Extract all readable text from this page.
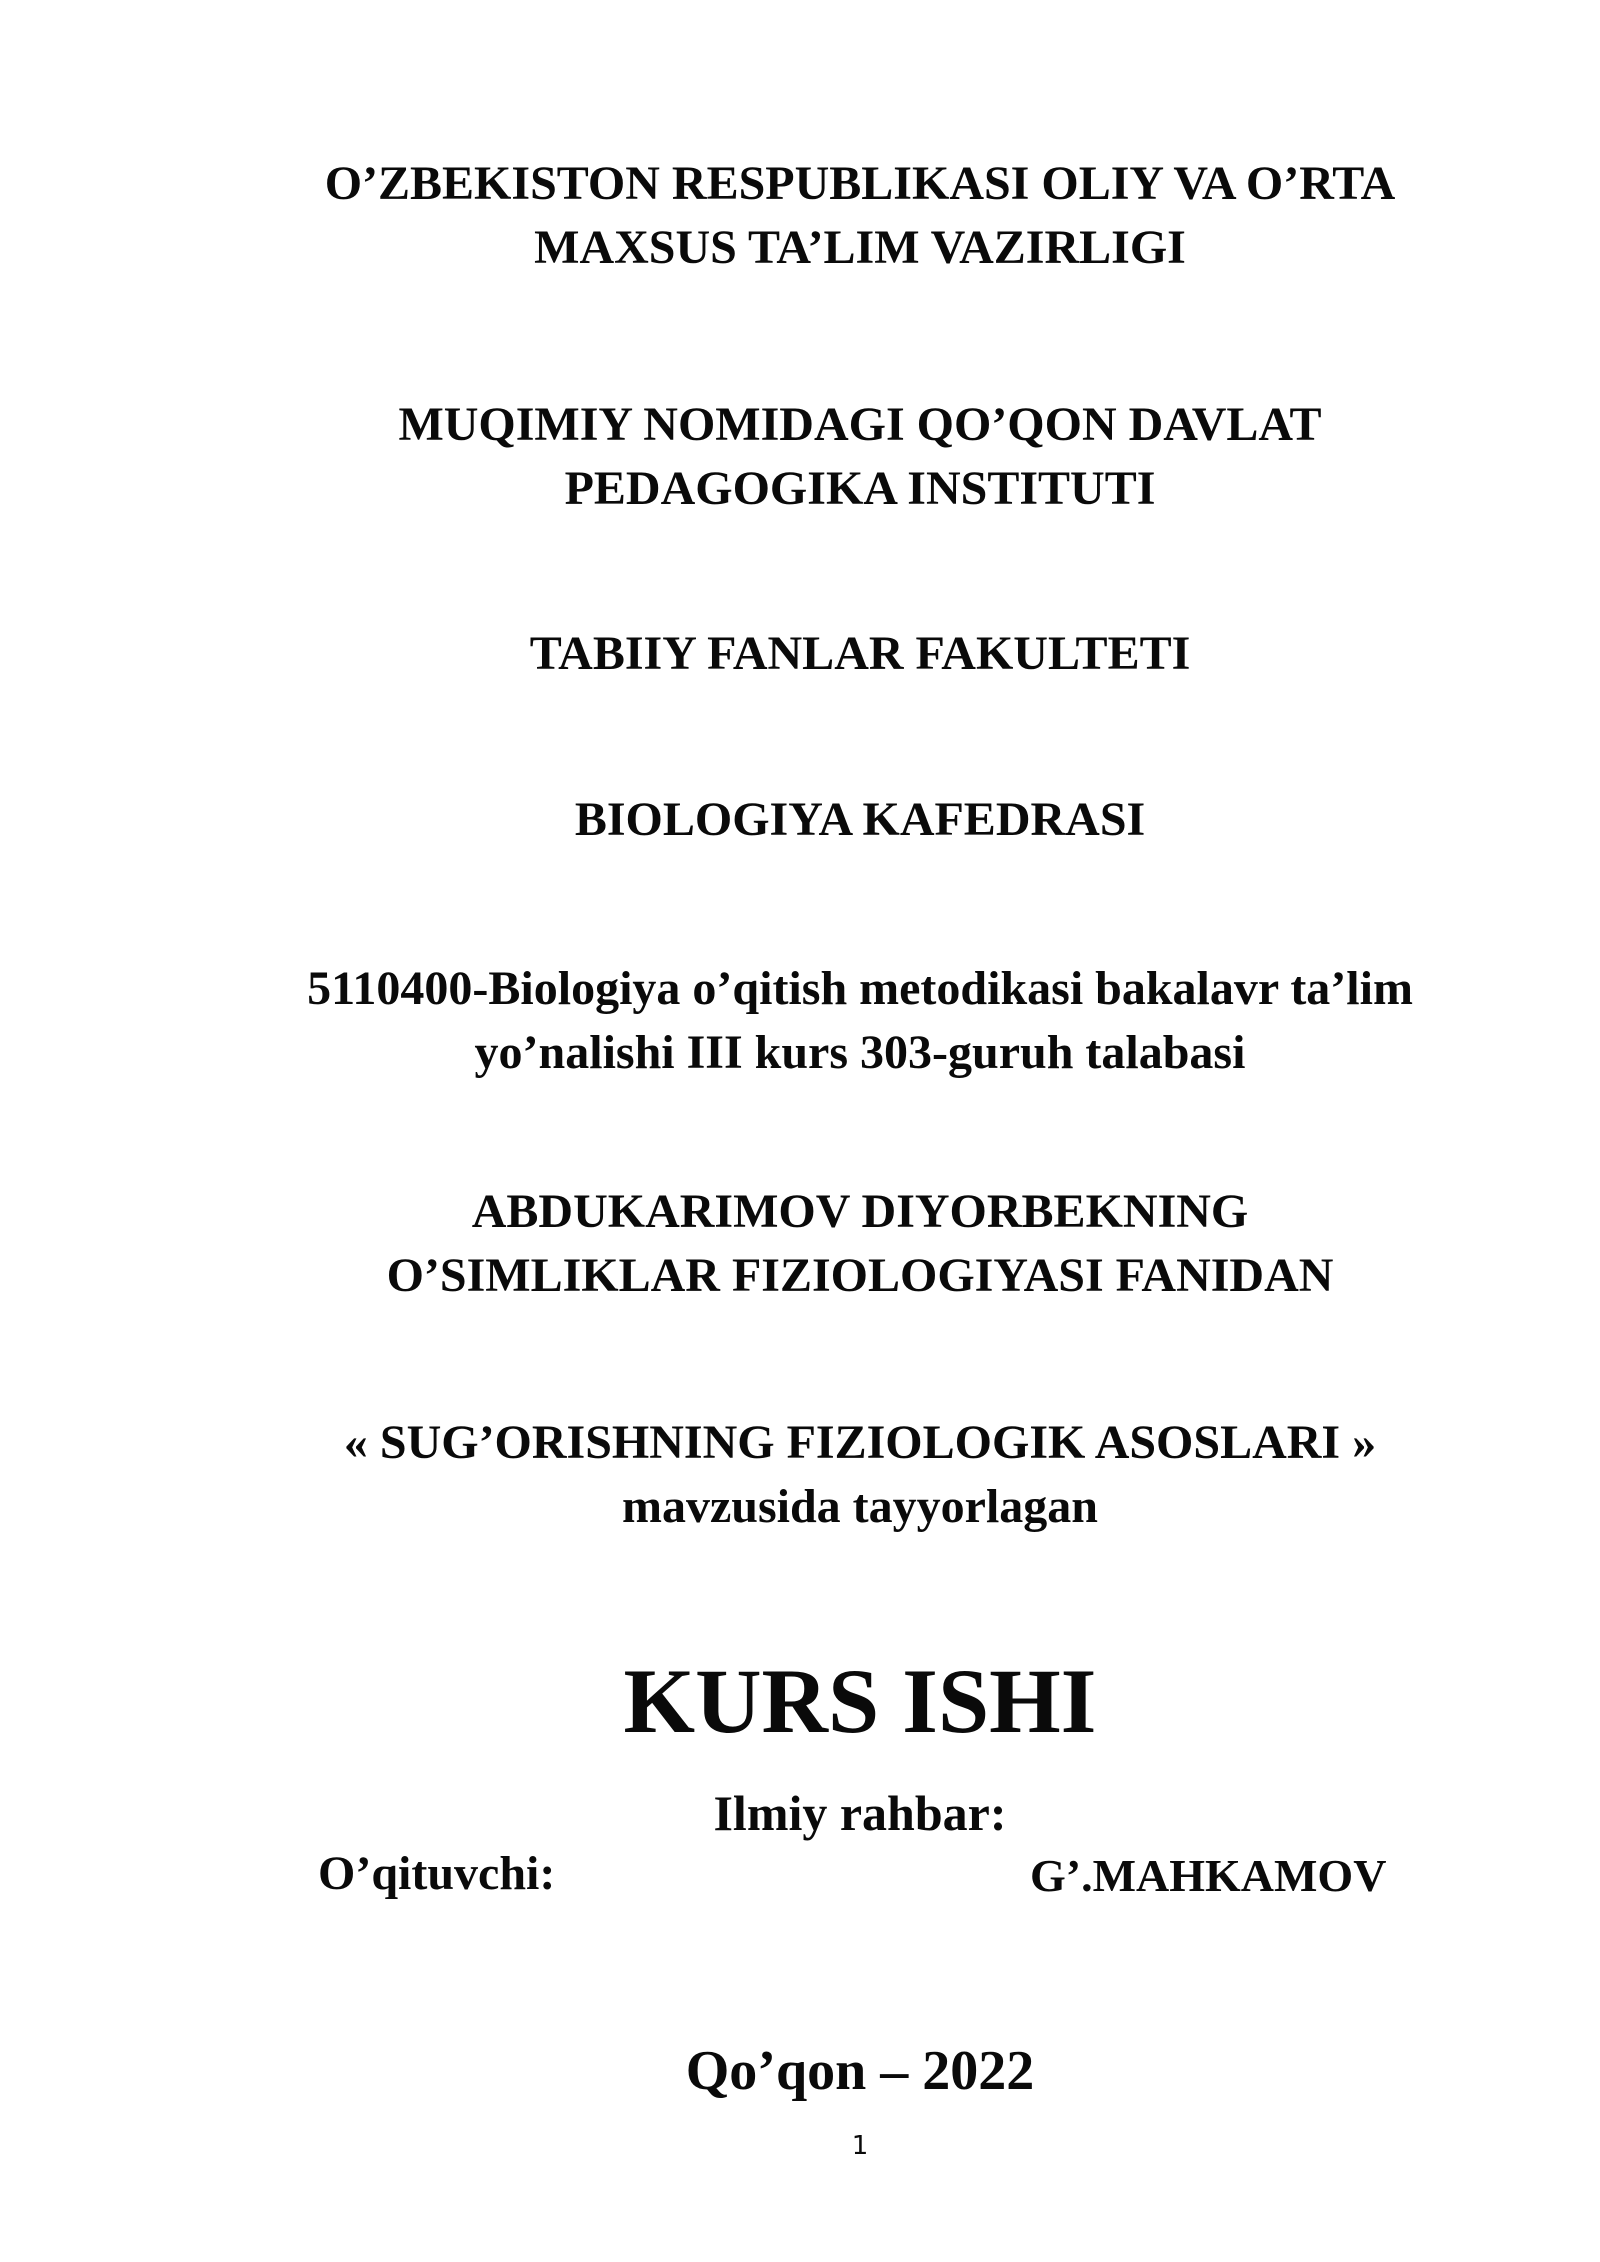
O’ZBEKISTON RESPUBLIKASI OLIY VA O’RTA
MAXSUS TA’LIM VAZIRLIGI
MUQIMIY NOMIDAGI QO’QON DAVLAT
PEDAGOGIKA INSTITUTI
TABIIY FANLAR FAKULTETI
BIOLOGIYA KAFEDRASI
5110400-Biologiya o’qitish metodikasi bakalavr ta’lim
yo’nalishi III kurs 303-guruh talabasi
ABDUKARIMOV DIYORBEKNING
O’SIMLIKLAR FIZIOLOGIYASI FANIDAN
« SUG’ORISHNING FIZIOLOGIK ASOSLARI »
mavzusida tayyorlagan
KURS ISHI
Ilmiy rahbar:
O’qituvchi:	G’.MAHKAMOV
Qo’qon – 2022
1
